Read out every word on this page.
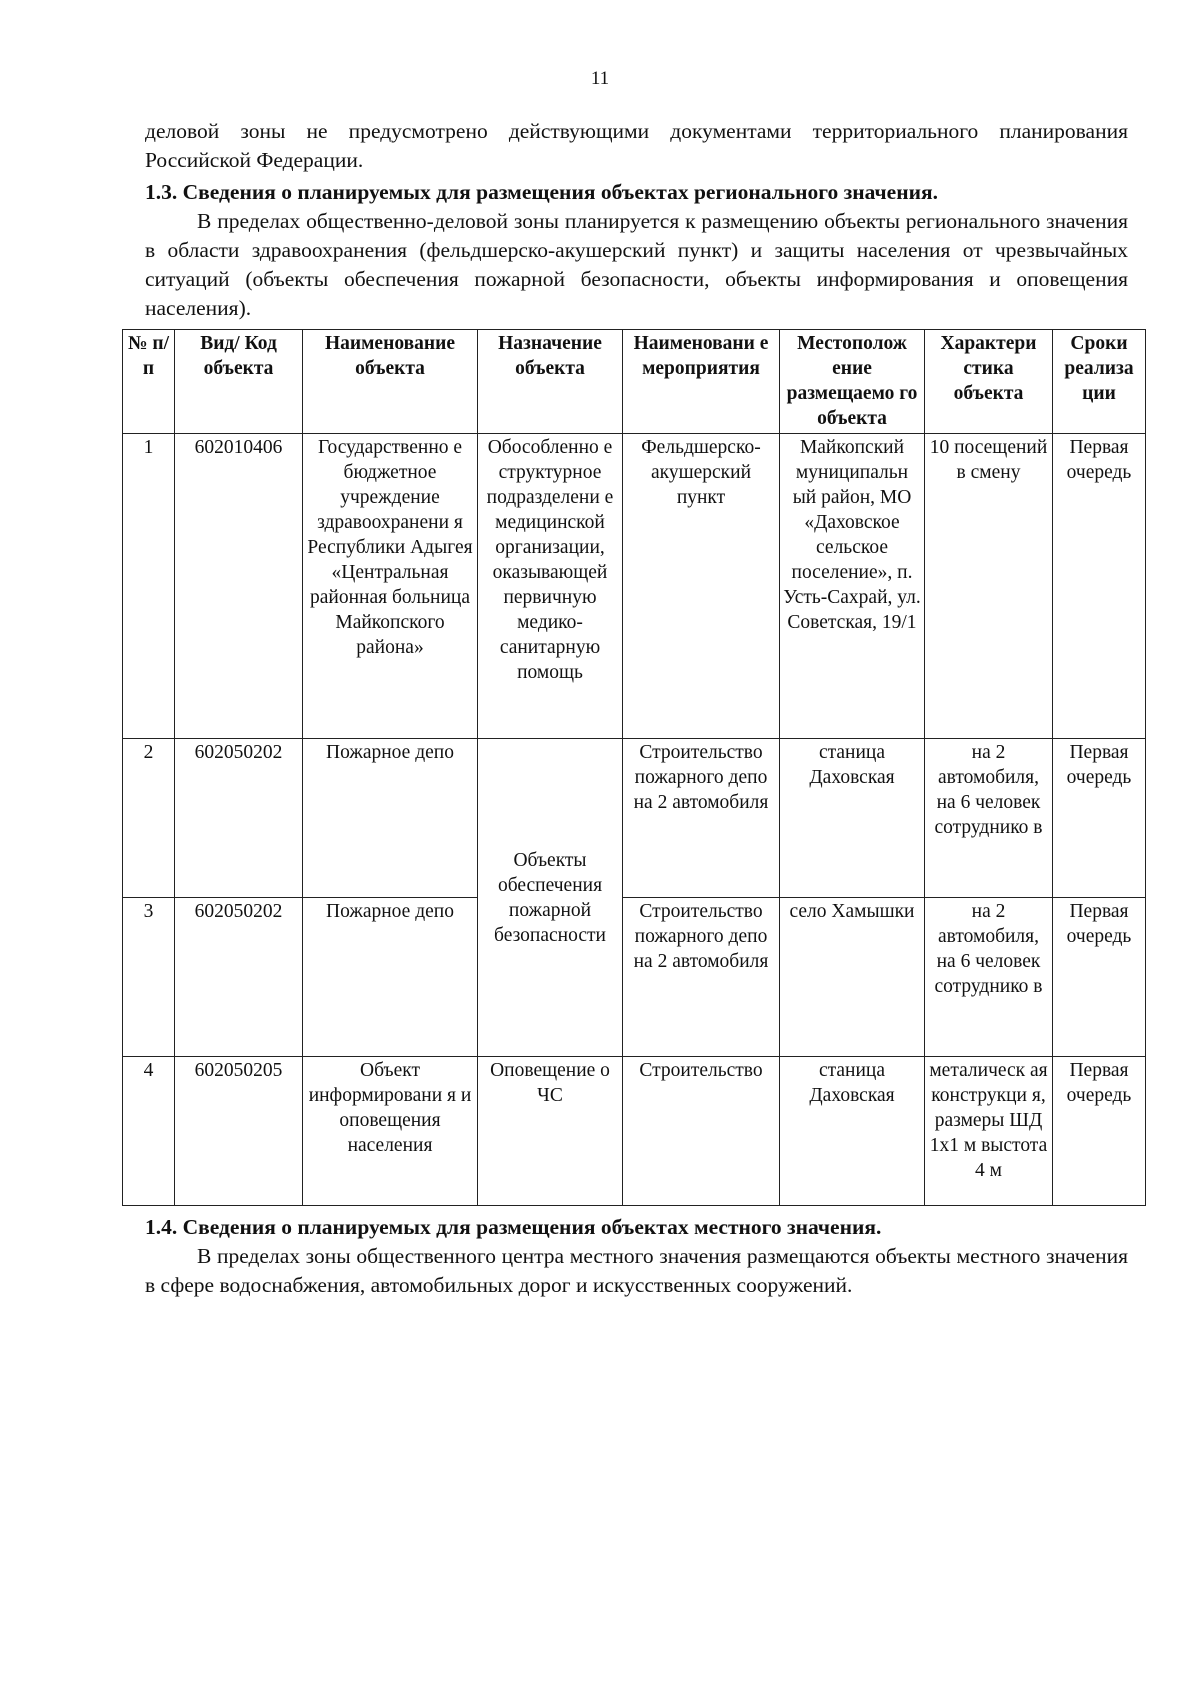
11

деловой зоны не предусмотрено действующими документами территориального планирования Российской Федерации.

1.3. Сведения о планируемых для размещения объектах регионального значения.

В пределах общественно-деловой зоны планируется к размещению объекты регионального значения в области здравоохранения (фельдшерско-акушерский пункт) и защиты населения от чрезвычайных ситуаций (объекты обеспечения пожарной безопасности, объекты информирования и оповещения населения).

№ п/п	Вид/ Код объекта	Наименование объекта	Назначение объекта	Наименовани е мероприятия	Местополож ение размещаемо го объекта	Характери стика объекта	Сроки реализа ции
1	602010406	Государственно е бюджетное учреждение здравоохранени я Республики Адыгея «Центральная районная больница Майкопского района»	Обособленно е структурное подразделени е медицинской организации, оказывающей первичную медико-санитарную помощь	Фельдшерско-акушерский пункт	Майкопский муниципальн ый район, МО «Даховское сельское поселение», п. Усть-Сахрай, ул. Советская, 19/1	10 посещений в смену	Первая очередь
2	602050202	Пожарное депо	Объекты обеспечения пожарной безопасности	Строительство пожарного депо на 2 автомобиля	станица Даховская	на 2 автомобиля, на 6 человек сотруднико в	Первая очередь
3	602050202	Пожарное депо		Строительство пожарного депо на 2 автомобиля	село Хамышки	на 2 автомобиля, на 6 человек сотруднико в	Первая очередь
4	602050205	Объект информировани я и оповещения населения	Оповещение о ЧС	Строительство	станица Даховская	металическ ая конструкци я, размеры ШД 1x1 м выстота 4 м	Первая очередь

1.4. Сведения о планируемых для размещения объектах местного значения.

В пределах зоны общественного центра местного значения размещаются объекты местного значения в сфере водоснабжения, автомобильных дорог и искусственных сооружений.
